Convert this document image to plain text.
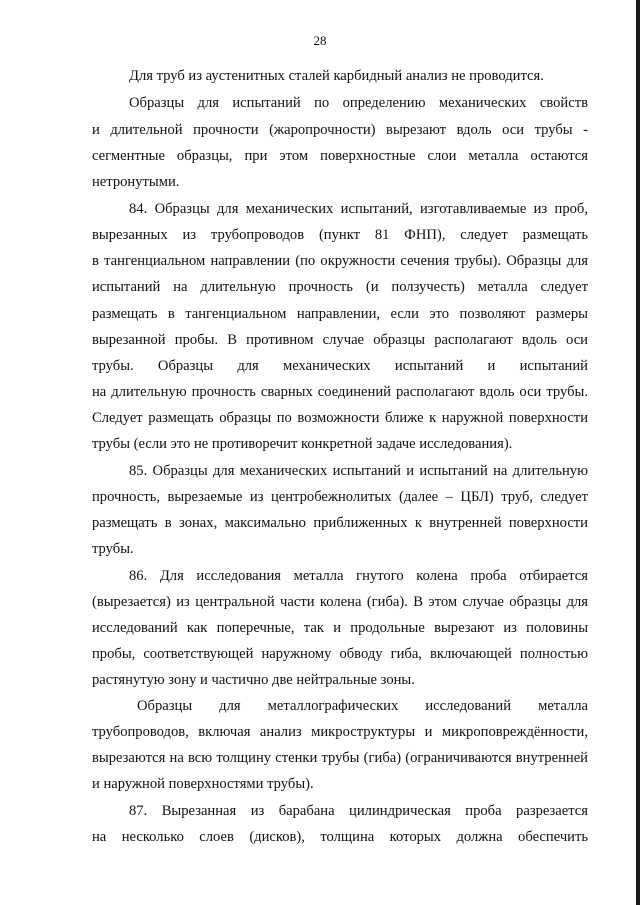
28
Для труб из аустенитных сталей карбидный анализ не проводится.
Образцы для испытаний по определению механических свойств
и длительной прочности (жаропрочности) вырезают вдоль оси трубы -
сегментные образцы, при этом поверхностные слои металла остаются
нетронутыми.
84. Образцы для механических испытаний, изготавливаемые из проб,
вырезанных из трубопроводов (пункт 81 ФНП), следует размещать
в тангенциальном направлении (по окружности сечения трубы). Образцы для
испытаний на длительную прочность (и ползучесть) металла следует
размещать в тангенциальном направлении, если это позволяют размеры
вырезанной пробы. В противном случае образцы располагают вдоль оси
трубы. Образцы для механических испытаний и испытаний
на длительную прочность сварных соединений располагают вдоль оси трубы.
Следует размещать образцы по возможности ближе к наружной поверхности
трубы (если это не противоречит конкретной задаче исследования).
85. Образцы для механических испытаний и испытаний на длительную
прочность, вырезаемые из центробежнолитых (далее – ЦБЛ) труб, следует
размещать в зонах, максимально приближенных к внутренней поверхности
трубы.
86. Для исследования металла гнутого колена проба отбирается
(вырезается) из центральной части колена (гиба). В этом случае образцы для
исследований как поперечные, так и продольные вырезают из половины
пробы, соответствующей наружному обводу гиба, включающей полностью
растянутую зону и частично две нейтральные зоны.
Образцы для металлографических исследований металла
трубопроводов, включая анализ микроструктуры и микроповреждённости,
вырезаются на всю толщину стенки трубы (гиба) (ограничиваются внутренней
и наружной поверхностями трубы).
87. Вырезанная из барабана цилиндрическая проба разрезается
на несколько слоев (дисков), толщина которых должна обеспечить
